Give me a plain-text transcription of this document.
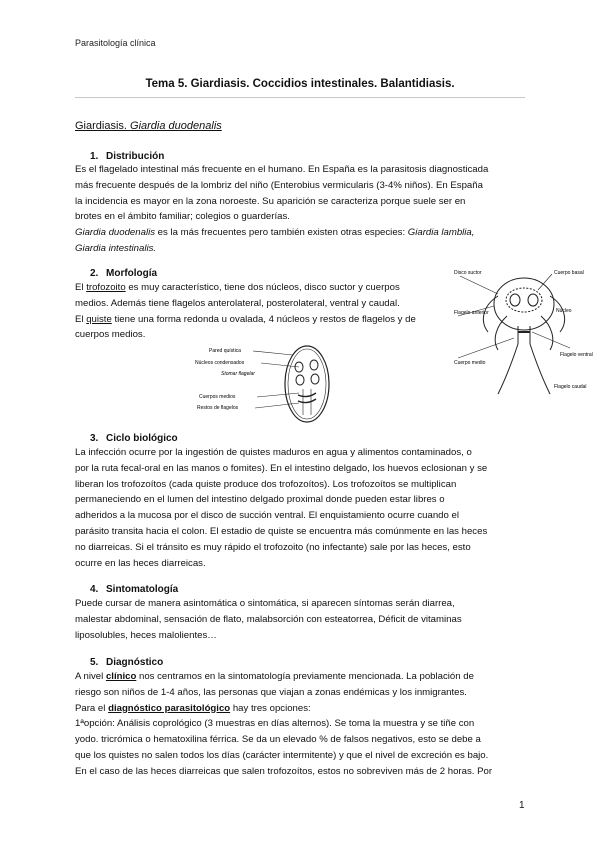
Parasitología clínica
Tema 5. Giardiasis. Coccidios intestinales. Balantidiasis.
Giardiasis. Giardia duodenalis
1. Distribución
Es el flagelado intestinal más frecuente en el humano. En España es la parasitosis diagnosticada
más frecuente después de la lombriz del niño (Enterobius vermicularis (3-4% niños). En España
la incidencia es mayor en la zona noroeste. Su aparición se caracteriza porque suele ser en
brotes en el ámbito familiar; colegios o guarderías.
Giardia duodenalis es la más frecuentes pero también existen otras especies: Giardia lamblia,
Giardia intestinalis.
2. Morfología
El trofozoito es muy característico, tiene dos núcleos, disco suctor y cuerpos
medios. Además tiene flagelos anterolateral, posterolateral, ventral y caudal.
El quiste tiene una forma redonda u ovalada, 4 núcleos y restos de flagelos y de
cuerpos medios.
Disco suctor	Cuerpo basal
Flagelo anterior	Núcleo
Cuerpo medio
Flagelo ventral
Flagelo caudal
Pared quística
Núcleos condensados
Stomar flagelar
Cuerpos medios
Restos de flagelos
3. Ciclo biológico
La infección ocurre por la ingestión de quistes maduros en agua y alimentos contaminados, o
por la ruta fecal-oral en las manos o fomites). En el intestino delgado, los huevos eclosionan y se
liberan los trofozoítos (cada quiste produce dos trofozoítos). Los trofozoítos se multiplican
permaneciendo en el lumen del intestino delgado proximal donde pueden estar libres o
adheridos a la mucosa por el disco de succión ventral. El enquistamiento ocurre cuando el
parásito transita hacia el colon. El estadio de quiste se encuentra más comúnmente en las heces
no diarreicas. Si el tránsito es muy rápido el trofozoito (no infectante) sale por las heces, esto
ocurre en las heces diarreicas.
4. Sintomatología
Puede cursar de manera asintomática o sintomática, si aparecen síntomas serán diarrea,
malestar abdominal, sensación de flato, malabsorción con esteatorrea, Déficit de vitaminas
liposolubles, heces malolientes…
5. Diagnóstico
A nivel clínico nos centramos en la sintomatología previamente mencionada. La población de
riesgo son niños de 1-4 años, las personas que viajan a zonas endémicas y los inmigrantes.
Para el diagnóstico parasitológico hay tres opciones:
1ªopción: Análisis coprológico (3 muestras en días alternos). Se toma la muestra y se tiñe con
yodo. tricrómica o hematoxilina férrica. Se da un elevado % de falsos negativos, esto se debe a
que los quistes no salen todos los días (carácter intermitente) y que el nivel de excreción es bajo.
En el caso de las heces diarreicas que salen trofozoítos, estos no sobreviven más de 2 horas. Por
1
